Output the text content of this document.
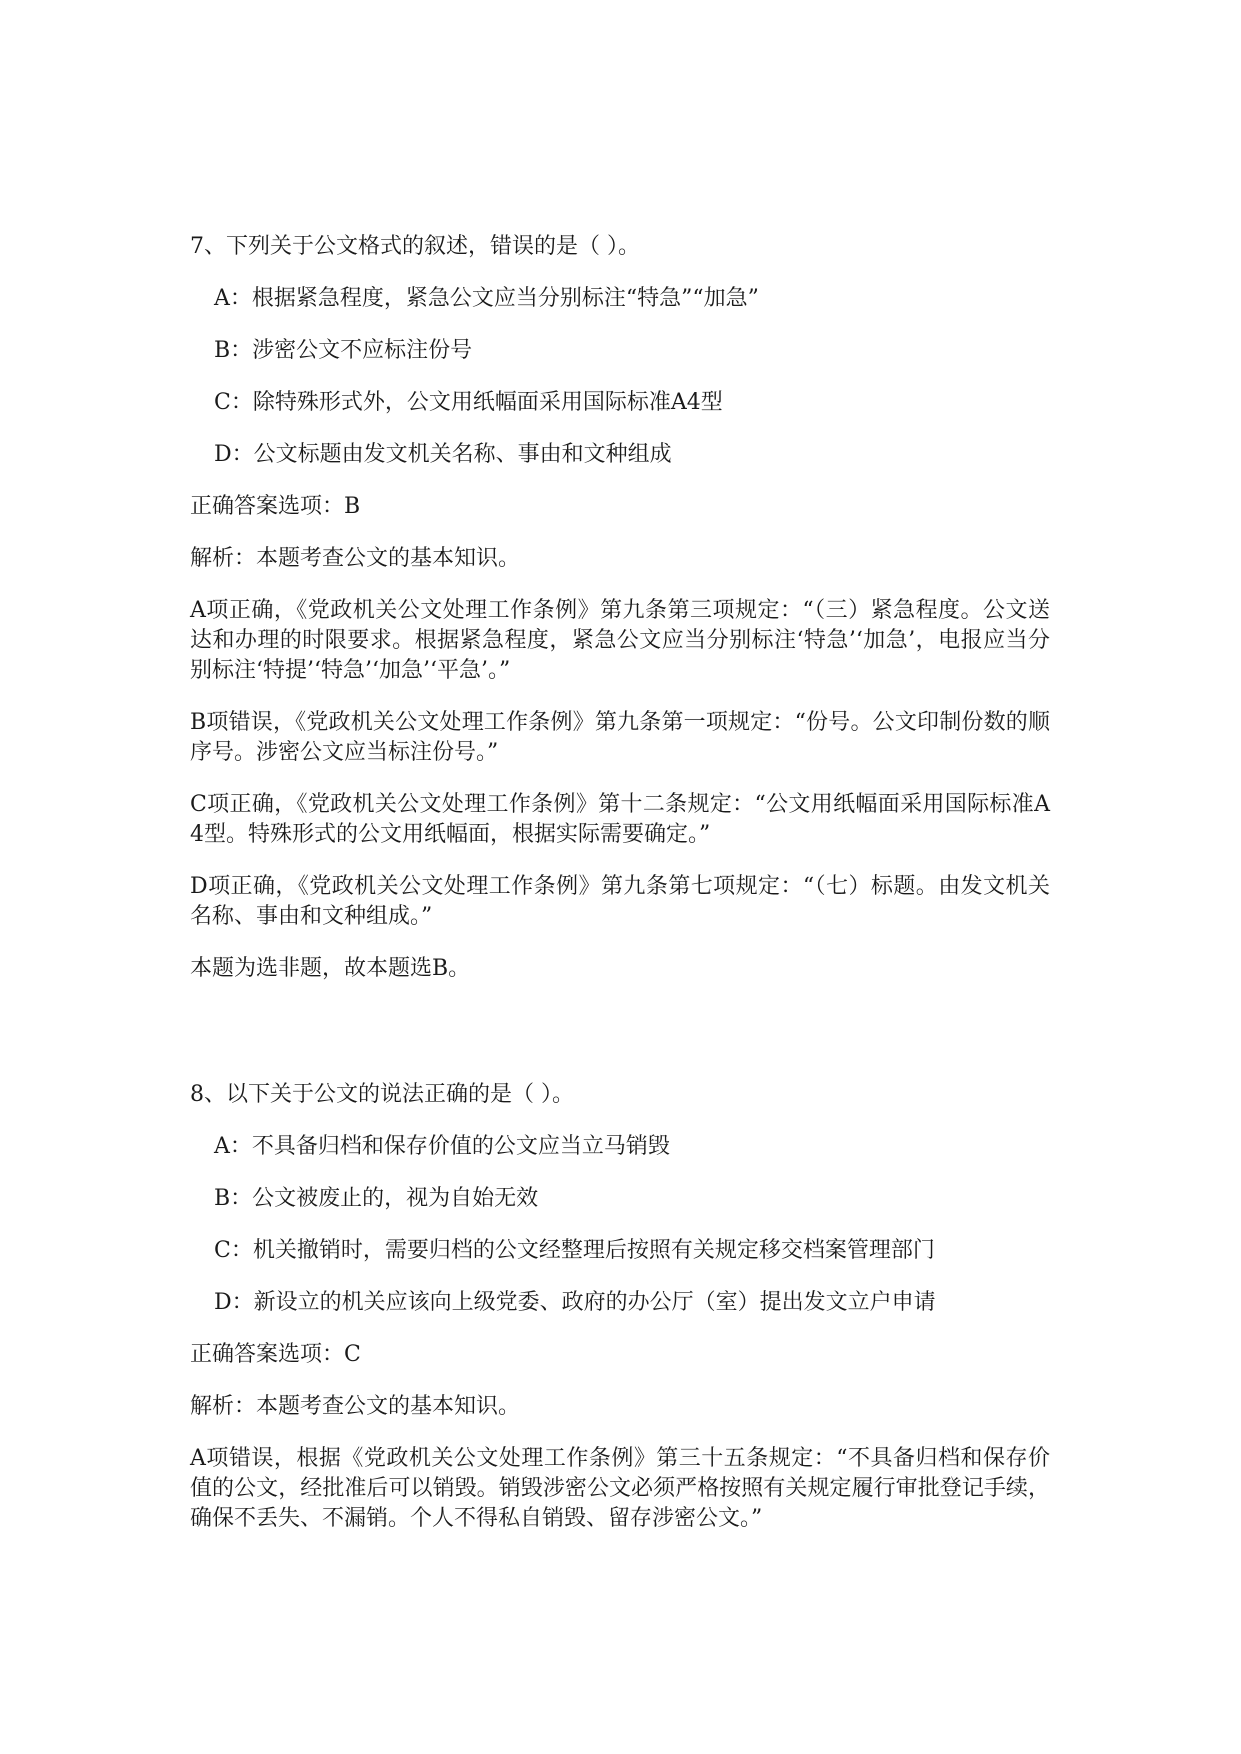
7、下列关于公文格式的叙述，错误的是（ ）。
A：根据紧急程度，紧急公文应当分别标注“特急”“加急”
B：涉密公文不应标注份号
C：除特殊形式外，公文用纸幅面采用国际标准A4型
D：公文标题由发文机关名称、事由和文种组成
正确答案选项：B
解析：本题考查公文的基本知识。

A项正确，《党政机关公文处理工作条例》第九条第三项规定：“（三）紧急程度。公文送达和办理的时限要求。根据紧急程度，紧急公文应当分别标注‘特急’‘加急’，电报应当分别标注‘特提’‘特急’‘加急’‘平急’。”

B项错误，《党政机关公文处理工作条例》第九条第一项规定：“份号。公文印制份数的顺序号。涉密公文应当标注份号。”

C项正确，《党政机关公文处理工作条例》第十二条规定：“公文用纸幅面采用国际标准A4型。特殊形式的公文用纸幅面，根据实际需要确定。”

D项正确，《党政机关公文处理工作条例》第九条第七项规定：“（七）标题。由发文机关名称、事由和文种组成。”

本题为选非题，故本题选B。

8、以下关于公文的说法正确的是（ ）。
A：不具备归档和保存价值的公文应当立马销毁
B：公文被废止的，视为自始无效
C：机关撤销时，需要归档的公文经整理后按照有关规定移交档案管理部门
D：新设立的机关应该向上级党委、政府的办公厅（室）提出发文立户申请
正确答案选项：C
解析：本题考查公文的基本知识。

A项错误，根据《党政机关公文处理工作条例》第三十五条规定：“不具备归档和保存价值的公文，经批准后可以销毁。销毁涉密公文必须严格按照有关规定履行审批登记手续，确保不丢失、不漏销。个人不得私自销毁、留存涉密公文。”
